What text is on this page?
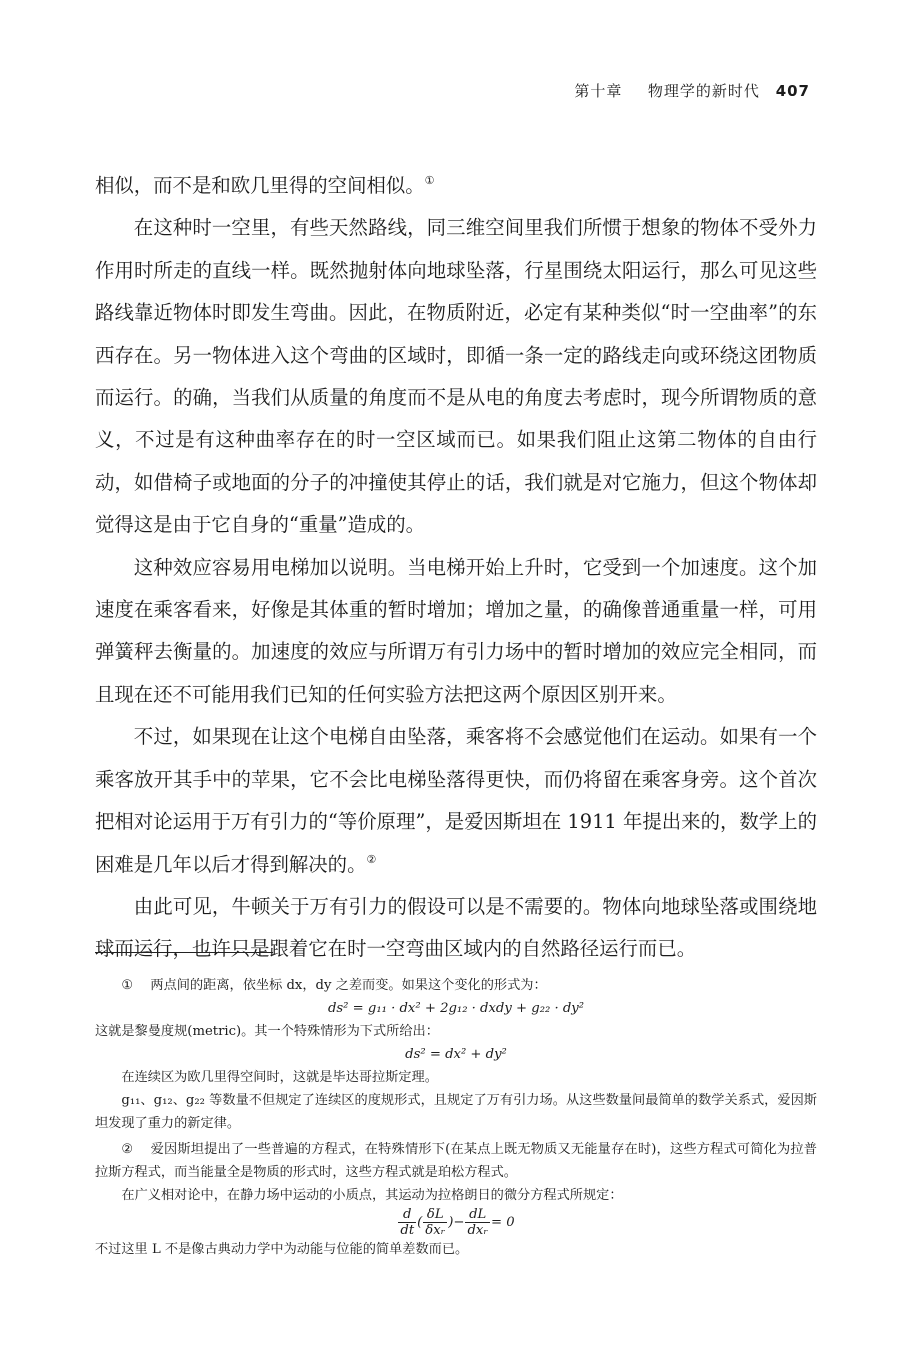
第十章 物理学的新时代 407

相似，而不是和欧几里得的空间相似。①

在这种时一空里，有些天然路线，同三维空间里我们所惯于想象的物体不受外力作用时所走的直线一样。既然抛射体向地球坠落，行星围绕太阳运行，那么可见这些路线靠近物体时即发生弯曲。因此，在物质附近，必定有某种类似“时一空曲率”的东西存在。另一物体进入这个弯曲的区域时，即循一条一定的路线走向或环绕这团物质而运行。的确，当我们从质量的角度而不是从电的角度去考虑时，现今所谓物质的意义，不过是有这种曲率存在的时一空区域而已。如果我们阻止这第二物体的自由行动，如借椅子或地面的分子的冲撞使其停止的话，我们就是对它施力，但这个物体却觉得这是由于它自身的“重量”造成的。

这种效应容易用电梯加以说明。当电梯开始上升时，它受到一个加速度。这个加速度在乘客看来，好像是其体重的暂时增加；增加之量，的确像普通重量一样，可用弹簧秤去衡量的。加速度的效应与所谓万有引力场中的暂时增加的效应完全相同，而且现在还不可能用我们已知的任何实验方法把这两个原因区别开来。

不过，如果现在让这个电梯自由坠落，乘客将不会感觉他们在运动。如果有一个乘客放开其手中的苹果，它不会比电梯坠落得更快，而仍将留在乘客身旁。这个首次把相对论运用于万有引力的“等价原理”，是爱因斯坦在 1911 年提出来的，数学上的困难是几年以后才得到解决的。②

由此可见，牛顿关于万有引力的假设可以是不需要的。物体向地球坠落或围绕地球而运行，也许只是跟着它在时一空弯曲区域内的自然路径运行而已。

① 两点间的距离，依坐标 dx，dy 之差而变。如果这个变化的形式为：

ds² = g₁₁ · dx² + 2g₁₂ · dxdy + g₂₂ · dy²

这就是黎曼度规(metric)。其一个特殊情形为下式所给出：

ds² = dx² + dy²

在连续区为欧几里得空间时，这就是毕达哥拉斯定理。

g₁₁、g₁₂、g₂₂ 等数量不但规定了连续区的度规形式，且规定了万有引力场。从这些数量间最简单的数学关系式，爱因斯坦发现了重力的新定律。

② 爱因斯坦提出了一些普遍的方程式，在特殊情形下(在某点上既无物质又无能量存在时)，这些方程式可简化为拉普拉斯方程式，而当能量全是物质的形式时，这些方程式就是珀松方程式。

在广义相对论中，在静力场中运动的小质点，其运动为拉格朗日的微分方程式所规定：

$\frac{d}{dt}$ ( $\frac{\delta L}{\text{δxᵣ}}$ )− $\frac{dL}{\text{dxᵣ}} = 0$

不过这里 L 不是像古典动力学中为动能与位能的简单差数而已。
